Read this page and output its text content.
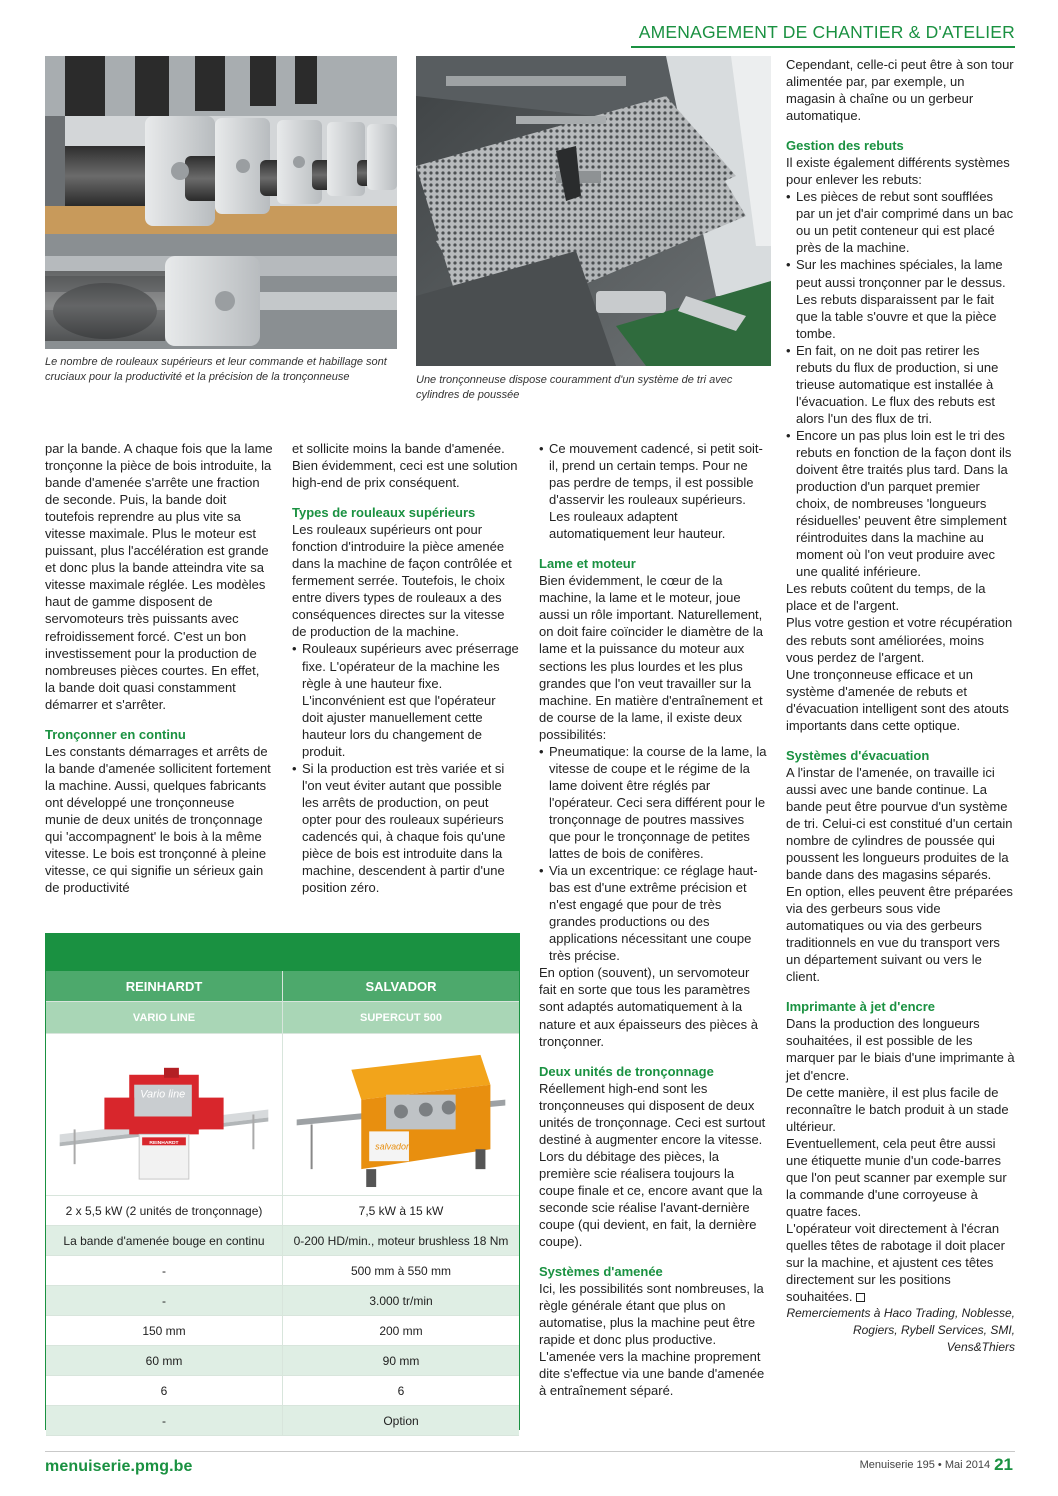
AMENAGEMENT DE CHANTIER & D'ATELIER
Le nombre de rouleaux supérieurs et leur commande et habillage sont cruciaux pour la productivité et la précision de la tronçonneuse	Une tronçonneuse dispose couramment d'un système de tri avec cylindres de poussée

par la bande. A chaque fois que la lame tronçonne la pièce de bois introduite, la bande d'amenée s'arrête une fraction de seconde. Puis, la bande doit toutefois reprendre au plus vite sa vitesse maximale. Plus le moteur est puissant, plus l'accélération est grande et donc plus la bande atteindra vite sa vitesse maximale réglée. Les modèles haut de gamme disposent de servomoteurs très puissants avec refroidissement forcé. C'est un bon investissement pour la production de nombreuses pièces courtes. En effet, la bande doit quasi constamment démarrer et s'arrêter.

Tronçonner en continu

Les constants démarrages et arrêts de la bande d'amenée sollicitent fortement la machine. Aussi, quelques fabricants ont développé une tronçonneuse munie de deux unités de tronçonnage qui 'accompagnent' le bois à la même vitesse. Le bois est tronçonné à pleine vitesse, ce qui signifie un sérieux gain de productivité

et sollicite moins la bande d'amenée. Bien évidemment, ceci est une solution high-end de prix conséquent.

Types de rouleaux supérieurs

Les rouleaux supérieurs ont pour fonction d'introduire la pièce amenée dans la machine de façon contrôlée et fermement serrée. Toutefois, le choix entre divers types de rouleaux a des conséquences directes sur la vitesse de production de la machine.

• Rouleaux supérieurs avec préserrage fixe. L'opérateur de la machine les règle à une hauteur fixe. L'inconvénient est que l'opérateur doit ajuster manuellement cette hauteur lors du changement de produit.
• Si la production est très variée et si l'on veut éviter autant que possible les arrêts de production, on peut opter pour des rouleaux supérieurs cadencés qui, à chaque fois qu'une pièce de bois est introduite dans la machine, descendent à partir d'une position zéro.
• Ce mouvement cadencé, si petit soit-il, prend un certain temps. Pour ne pas perdre de temps, il est possible d'asservir les rouleaux supérieurs. Les rouleaux adaptent automatiquement leur hauteur.
Lame et moteur

Bien évidemment, le cœur de la machine, la lame et le moteur, joue aussi un rôle important. Naturellement, on doit faire coïncider le diamètre de la lame et la puissance du moteur aux sections les plus lourdes et les plus grandes que l'on veut travailler sur la machine. En matière d'entraînement et de course de la lame, il existe deux possibilités:

• Pneumatique: la course de la lame, la vitesse de coupe et le régime de la lame doivent être réglés par l'opérateur. Ceci sera différent pour le tronçonnage de poutres massives que pour le tronçonnage de petites lattes de bois de conifères.
• Via un excentrique: ce réglage haut-bas est d'une extrême précision et n'est engagé que pour de très grandes productions ou des applications nécessitant une coupe très précise.

En option (souvent), un servomoteur fait en sorte que tous les paramètres sont adaptés automatiquement à la nature et aux épaisseurs des pièces à tronçonner.

Deux unités de tronçonnage

Réellement high-end sont les tronçonneuses qui disposent de deux unités de tronçonnage. Ceci est surtout destiné à augmenter encore la vitesse. Lors du débitage des pièces, la première scie réalisera toujours la coupe finale et ce, encore avant que la seconde scie réalise l'avant-dernière coupe (qui devient, en fait, la dernière coupe).

Systèmes d'amenée

Ici, les possibilités sont nombreuses, la règle générale étant que plus on automatise, plus la machine peut être rapide et donc plus productive. L'amenée vers la machine proprement dite s'effectue via une bande d'amenée à entraînement séparé.

Cependant, celle-ci peut être à son tour alimentée par, par exemple, un magasin à chaîne ou un gerbeur automatique.

Gestion des rebuts

Il existe également différents systèmes pour enlever les rebuts:

• Les pièces de rebut sont soufflées par un jet d'air comprimé dans un bac ou un petit conteneur qui est placé près de la machine.
• Sur les machines spéciales, la lame peut aussi tronçonner par le dessus. Les rebuts disparaissent par le fait que la table s'ouvre et que la pièce tombe.
• En fait, on ne doit pas retirer les rebuts du flux de production, si une trieuse automatique est installée à l'évacuation. Le flux des rebuts est alors l'un des flux de tri.
• Encore un pas plus loin est le tri des rebuts en fonction de la façon dont ils doivent être traités plus tard. Dans la production d'un parquet premier choix, de nombreuses 'longueurs résiduelles' peuvent être simplement réintroduites dans la machine au moment où l'on veut produire avec une qualité inférieure.

Les rebuts coûtent du temps, de la place et de l'argent.

Plus votre gestion et votre récupération des rebuts sont améliorées, moins vous perdez de l'argent.

Une tronçonneuse efficace et un système d'amenée de rebuts et d'évacuation intelligent sont des atouts importants dans cette optique.

Systèmes d'évacuation

A l'instar de l'amenée, on travaille ici aussi avec une bande continue. La bande peut être pourvue d'un système de tri. Celui-ci est constitué d'un certain nombre de cylindres de poussée qui poussent les longueurs produites de la bande dans des magasins séparés.

En option, elles peuvent être préparées via des gerbeurs sous vide automatiques ou via des gerbeurs traditionnels en vue du transport vers un département suivant ou vers le client.

Imprimante à jet d'encre

Dans la production des longueurs souhaitées, il est possible de les marquer par le biais d'une imprimante à jet d'encre.

De cette manière, il est plus facile de reconnaître le batch produit à un stade ultérieur.

Eventuellement, cela peut être aussi une étiquette munie d'un code-barres que l'on peut scanner par exemple sur la commande d'une corroyeuse à quatre faces.

L'opérateur voit directement à l'écran quelles têtes de rabotage il doit placer sur la machine, et ajustent ces têtes directement sur les positions souhaitées.

Remerciements à Haco Trading, Noblesse, Rogiers, Rybell Services, SMI, Vens&Thiers

REINHARDT	SALVADOR
VARIO LINE	SUPERCUT 500
Vario line
REINHARDT	salvador
2 x 5,5 kW (2 unités de tronçonnage)	7,5 kW à 15 kW
La bande d'amenée bouge en continu	0-200 HD/min., moteur brushless 18 Nm
-	500 mm à 550 mm
-	3.000 tr/min
150 mm	200 mm
60 mm	90 mm
6	6
-	Option
menuiserie.pmg.be	Menuiserie 195 • Mai 2014 21
